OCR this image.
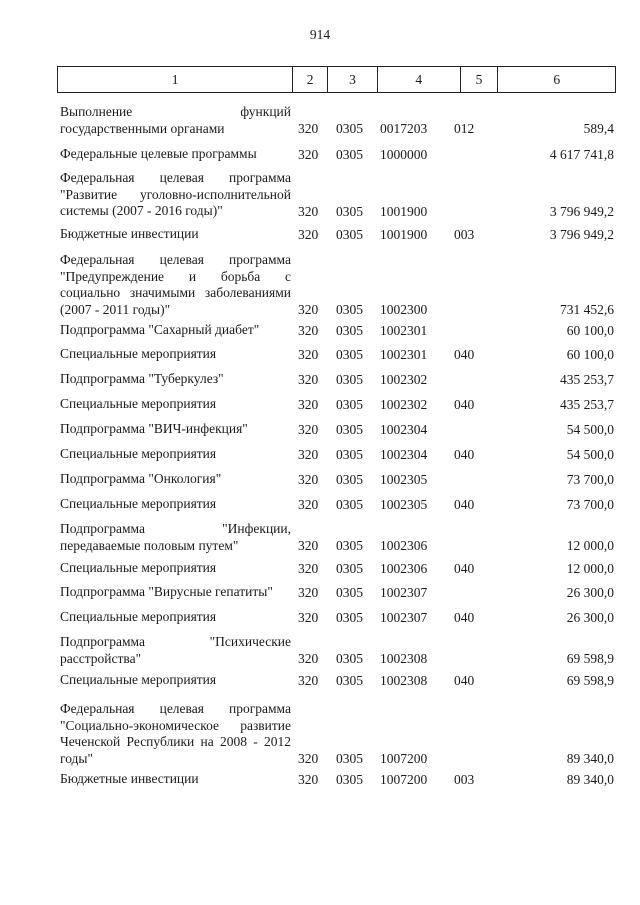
914
1	2	3	4	5	6
Выполнение функций
государственными органами	320 0305 0017203 012	589,4
Федеральные целевые программы	320 0305 1000000	4 617 741,8
Федеральная целевая программа
"Развитие уголовно-исполнительной
системы (2007 - 2016 годы)"	320 0305 1001900	3 796 949,2
Бюджетные инвестиции	320 0305 1001900 003	3 796 949,2
Федеральная целевая программа
"Предупреждение и борьба с
социально значимыми заболеваниями
(2007 - 2011 годы)"	320 0305 1002300	731 452,6
Подпрограмма "Сахарный диабет"	320 0305 1002301	60 100,0
Специальные мероприятия	320 0305 1002301 040	60 100,0
Подпрограмма "Туберкулез"	320 0305 1002302	435 253,7
Специальные мероприятия	320 0305 1002302 040	435 253,7
Подпрограмма "ВИЧ-инфекция"	320 0305 1002304	54 500,0
Специальные мероприятия	320 0305 1002304 040	54 500,0
Подпрограмма "Онкология"	320 0305 1002305	73 700,0
Специальные мероприятия	320 0305 1002305 040	73 700,0
Подпрограмма "Инфекции,
передаваемые половым путем"	320 0305 1002306	12 000,0
Специальные мероприятия	320 0305 1002306 040	12 000,0
Подпрограмма "Вирусные гепатиты"	320 0305 1002307	26 300,0
Специальные мероприятия	320 0305 1002307 040	26 300,0
Подпрограмма "Психические
расстройства"	320 0305 1002308	69 598,9
Специальные мероприятия	320 0305 1002308 040	69 598,9
Федеральная целевая программа
"Социально-экономическое развитие
Чеченской Республики на 2008 - 2012
годы"	320 0305 1007200	89 340,0
Бюджетные инвестиции	320 0305 1007200 003	89 340,0
